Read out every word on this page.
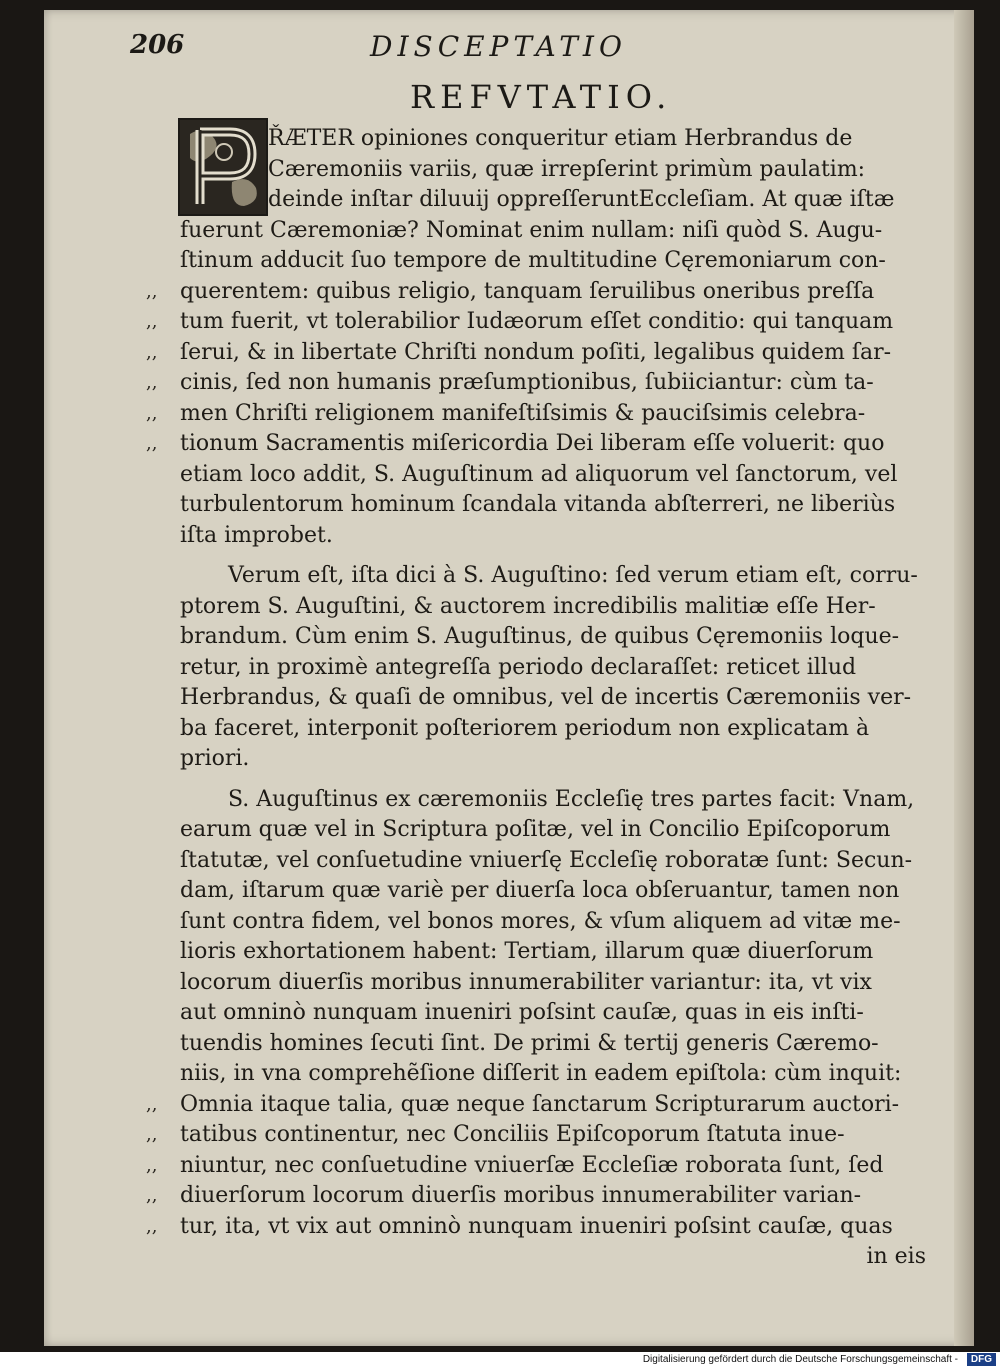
206	DISCEPTATIO
REFVTATIO.
ŘÆTER opiniones conqueritur etiam Herbrandus de
Cæremoniis variis, quæ irrepſerint primùm paulatim:
deinde inſtar diluuij oppreſſeruntEccleſiam. At quæ iſtæ
fuerunt Cæremoniæ? Nominat enim nullam: niſi quòd S. Augu-
ſtinum adducit ſuo tempore de multitudine Cęremoniarum con-
,, querentem: quibus religio, tanquam ſeruilibus oneribus preſſa
,, tum fuerit, vt tolerabilior Iudæorum eſſet conditio: qui tanquam
,, ſerui, & in libertate Chriſti nondum poſiti, legalibus quidem ſar-
,, cinis, ſed non humanis præſumptionibus, ſubiiciantur: cùm ta-
,, men Chriſti religionem manifeſtiſsimis & pauciſsimis celebra-
,, tionum Sacramentis miſericordia Dei liberam eſſe voluerit: quo
etiam loco addit, S. Auguſtinum ad aliquorum vel ſanctorum, vel
turbulentorum hominum ſcandala vitanda abſterreri, ne liberiùs
iſta improbet.
Verum eſt, iſta dici à S. Auguſtino: ſed verum etiam eſt, corru-
ptorem S. Auguſtini, & auctorem incredibilis malitiæ eſſe Her-
brandum. Cùm enim S. Auguſtinus, de quibus Cęremoniis loque-
retur, in proximè antegreſſa periodo declaraſſet: reticet illud
Herbrandus, & quaſi de omnibus, vel de incertis Cæremoniis ver-
ba faceret, interponit poſteriorem periodum non explicatam à
priori.
S. Auguſtinus ex cæremoniis Eccleſię tres partes facit: Vnam,
earum quæ vel in Scriptura poſitæ, vel in Concilio Epiſcoporum
ſtatutæ, vel conſuetudine vniuerſę Eccleſię roboratæ ſunt: Secun-
dam, iſtarum quæ variè per diuerſa loca obſeruantur, tamen non
ſunt contra fidem, vel bonos mores, & vſum aliquem ad vitæ me-
lioris exhortationem habent: Tertiam, illarum quæ diuerſorum
locorum diuerſis moribus innumerabiliter variantur: ita, vt vix
aut omninò nunquam inueniri poſsint cauſæ, quas in eis inſti-
tuendis homines ſecuti ſint. De primi & tertij generis Cæremo-
niis, in vna comprehẽſione diſſerit in eadem epiſtola: cùm inquit:
,, Omnia itaque talia, quæ neque ſanctarum Scripturarum auctori-
,, tatibus continentur, nec Conciliis Epiſcoporum ſtatuta inue-
,, niuntur, nec conſuetudine vniuerſæ Eccleſiæ roborata ſunt, ſed
,, diuerſorum locorum diuerſis moribus innumerabiliter varian-
,, tur, ita, vt vix aut omninò nunquam inueniri poſsint cauſæ, quas
in eis
Digitalisierung gefördert durch die Deutsche Forschungsgemeinschaft -	DFG
